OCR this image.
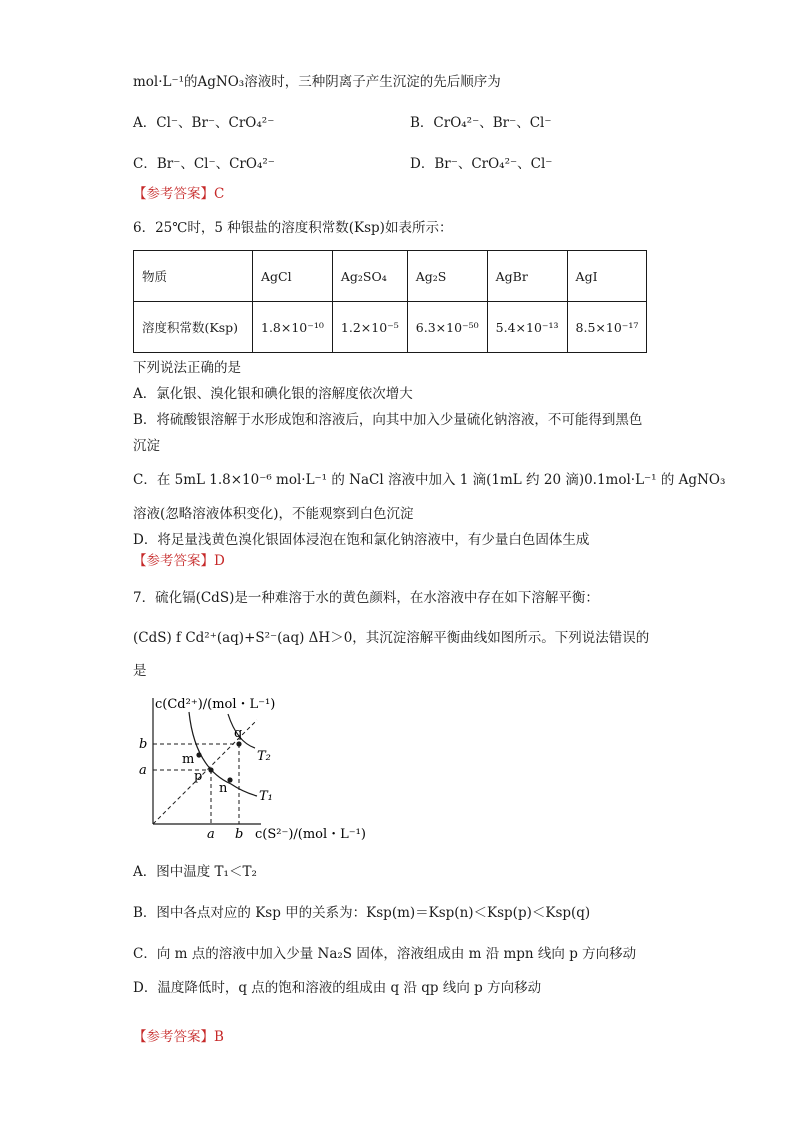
mol·L⁻¹的AgNO₃溶液时，三种阴离子产生沉淀的先后顺序为
A．Cl⁻、Br⁻、CrO₄²⁻	B．CrO₄²⁻、Br⁻、Cl⁻
C．Br⁻、Cl⁻、CrO₄²⁻	D．Br⁻、CrO₄²⁻、Cl⁻
【参考答案】C
6．25℃时，5 种银盐的溶度积常数(Ksp)如表所示：
物质	AgCl	Ag₂SO₄	Ag₂S	AgBr	AgI
溶度积常数(Ksp)	1.8×10⁻¹⁰	1.2×10⁻⁵	6.3×10⁻⁵⁰	5.4×10⁻¹³	8.5×10⁻¹⁷
下列说法正确的是
A．氯化银、溴化银和碘化银的溶解度依次增大
B．将硫酸银溶解于水形成饱和溶液后，向其中加入少量硫化钠溶液，不可能得到黑色
沉淀
C．在 5mL 1.8×10⁻⁶ mol·L⁻¹ 的 NaCl 溶液中加入 1 滴(1mL 约 20 滴)0.1mol·L⁻¹ 的 AgNO₃
溶液(忽略溶液体积变化)，不能观察到白色沉淀
D．将足量浅黄色溴化银固体浸泡在饱和氯化钠溶液中，有少量白色固体生成
【参考答案】D
7．硫化镉(CdS)是一种难溶于水的黄色颜料，在水溶液中存在如下溶解平衡：
(CdS) f Cd²⁺(aq)+S²⁻(aq) ΔH＞0，其沉淀溶解平衡曲线如图所示。下列说法错误的
是
c(Cd²⁺)/(mol・L⁻¹)
c(S²⁻)/(mol・L⁻¹)
a b
a
b
m
p
n
q
T₁
T₂
A．图中温度 T₁＜T₂
B．图中各点对应的 Ksp 甲的关系为：Ksp(m)＝Ksp(n)＜Ksp(p)＜Ksp(q)
C．向 m 点的溶液中加入少量 Na₂S 固体，溶液组成由 m 沿 mpn 线向 p 方向移动
D．温度降低时，q 点的饱和溶液的组成由 q 沿 qp 线向 p 方向移动
【参考答案】B
